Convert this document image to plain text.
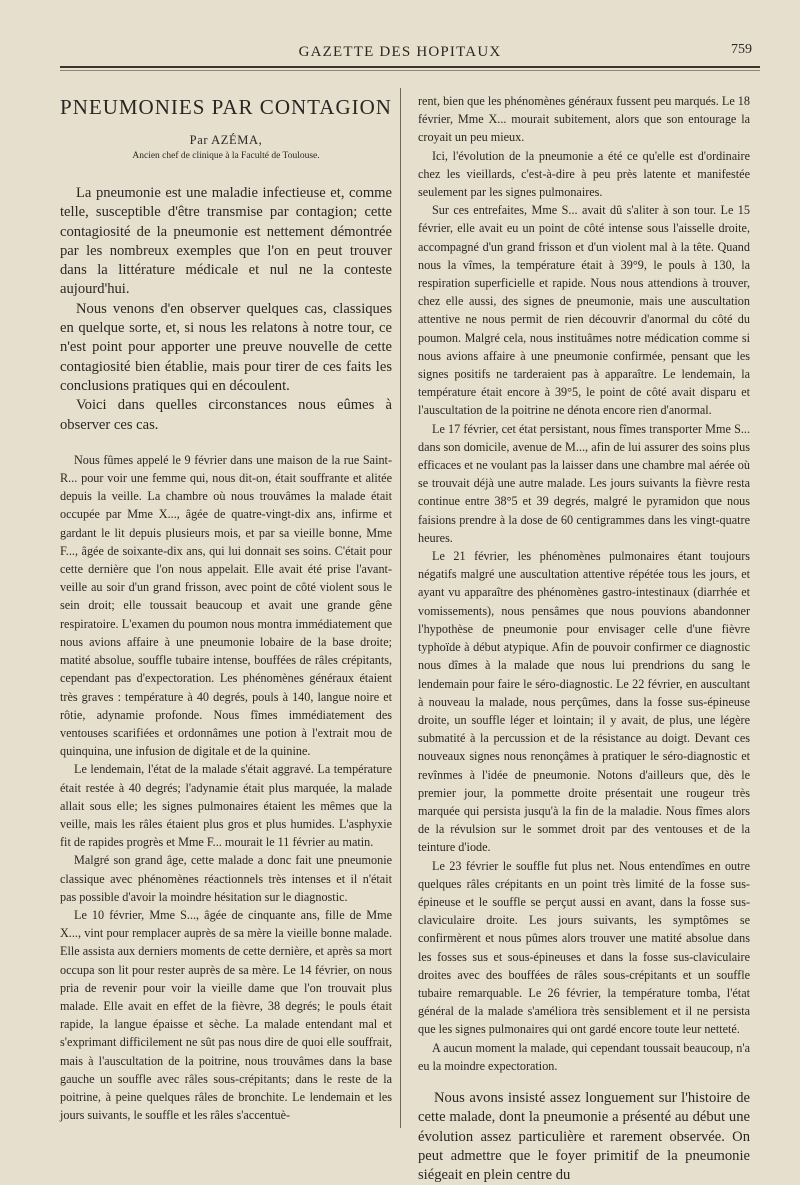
GAZETTE DES HOPITAUX	759
PNEUMONIES PAR CONTAGION
Par AZÉMA,
Ancien chef de clinique à la Faculté de Toulouse.

La pneumonie est une maladie infectieuse et, comme telle, susceptible d'être transmise par contagion; cette contagiosité de la pneumonie est nettement démontrée par les nombreux exemples que l'on en peut trouver dans la littérature médicale et nul ne la conteste aujourd'hui.

Nous venons d'en observer quelques cas, classiques en quelque sorte, et, si nous les relatons à notre tour, ce n'est point pour apporter une preuve nouvelle de cette contagiosité bien établie, mais pour tirer de ces faits les conclusions pratiques qui en découlent.

Voici dans quelles circonstances nous eûmes à observer ces cas.

Nous fûmes appelé le 9 février dans une maison de la rue Saint-R... pour voir une femme qui, nous dit-on, était souffrante et alitée depuis la veille. La chambre où nous trouvâmes la malade était occupée par Mme X..., âgée de quatre-vingt-dix ans, infirme et gardant le lit depuis plusieurs mois, et par sa vieille bonne, Mme F..., âgée de soixante-dix ans, qui lui donnait ses soins. C'était pour cette dernière que l'on nous appelait. Elle avait été prise l'avant-veille au soir d'un grand frisson, avec point de côté violent sous le sein droit; elle toussait beaucoup et avait une grande gêne respiratoire. L'examen du poumon nous montra immédiatement que nous avions affaire à une pneumonie lobaire de la base droite; matité absolue, souffle tubaire intense, bouffées de râles crépitants, cependant pas d'expectoration. Les phénomènes généraux étaient très graves : température à 40 degrés, pouls à 140, langue noire et rôtie, adynamie profonde. Nous fîmes immédiatement des ventouses scarifiées et ordonnâmes une potion à l'extrait mou de quinquina, une infusion de digitale et de la quinine.

Le lendemain, l'état de la malade s'était aggravé. La température était restée à 40 degrés; l'adynamie était plus marquée, la malade allait sous elle; les signes pulmonaires étaient les mêmes que la veille, mais les râles étaient plus gros et plus humides. L'asphyxie fit de rapides progrès et Mme F... mourait le 11 février au matin.

Malgré son grand âge, cette malade a donc fait une pneumonie classique avec phénomènes réactionnels très intenses et il n'était pas possible d'avoir la moindre hésitation sur le diagnostic.

Le 10 février, Mme S..., âgée de cinquante ans, fille de Mme X..., vint pour remplacer auprès de sa mère la vieille bonne malade. Elle assista aux derniers moments de cette dernière, et après sa mort occupa son lit pour rester auprès de sa mère. Le 14 février, on nous pria de revenir pour voir la vieille dame que l'on trouvait plus malade. Elle avait en effet de la fièvre, 38 degrés; le pouls était rapide, la langue épaisse et sèche. La malade entendant mal et s'exprimant difficilement ne sût pas nous dire de quoi elle souffrait, mais à l'auscultation de la poitrine, nous trouvâmes dans la base gauche un souffle avec râles sous-crépitants; dans le reste de la poitrine, à peine quelques râles de bronchite. Le lendemain et les jours suivants, le souffle et les râles s'accentuè-

rent, bien que les phénomènes généraux fussent peu marqués. Le 18 février, Mme X... mourait subitement, alors que son entourage la croyait un peu mieux.

Ici, l'évolution de la pneumonie a été ce qu'elle est d'ordinaire chez les vieillards, c'est-à-dire à peu près latente et manifestée seulement par les signes pulmonaires.

Sur ces entrefaites, Mme S... avait dû s'aliter à son tour. Le 15 février, elle avait eu un point de côté intense sous l'aisselle droite, accompagné d'un grand frisson et d'un violent mal à la tête. Quand nous la vîmes, la température était à 39°9, le pouls à 130, la respiration superficielle et rapide. Nous nous attendions à trouver, chez elle aussi, des signes de pneumonie, mais une auscultation attentive ne nous permit de rien découvrir d'anormal du côté du poumon. Malgré cela, nous instituâmes notre médication comme si nous avions affaire à une pneumonie confirmée, pensant que les signes positifs ne tarderaient pas à apparaître. Le lendemain, la température était encore à 39°5, le point de côté avait disparu et l'auscultation de la poitrine ne dénota encore rien d'anormal.

Le 17 février, cet état persistant, nous fîmes transporter Mme S... dans son domicile, avenue de M..., afin de lui assurer des soins plus efficaces et ne voulant pas la laisser dans une chambre mal aérée où se trouvait déjà une autre malade. Les jours suivants la fièvre resta continue entre 38°5 et 39 degrés, malgré le pyramidon que nous faisions prendre à la dose de 60 centigrammes dans les vingt-quatre heures.

Le 21 février, les phénomènes pulmonaires étant toujours négatifs malgré une auscultation attentive répétée tous les jours, et ayant vu apparaître des phénomènes gastro-intestinaux (diarrhée et vomissements), nous pensâmes que nous pouvions abandonner l'hypothèse de pneumonie pour envisager celle d'une fièvre typhoïde à début atypique. Afin de pouvoir confirmer ce diagnostic nous dîmes à la malade que nous lui prendrions du sang le lendemain pour faire le séro-diagnostic. Le 22 février, en auscultant à nouveau la malade, nous perçûmes, dans la fosse sus-épineuse droite, un souffle léger et lointain; il y avait, de plus, une légère submatité à la percussion et de la résistance au doigt. Devant ces nouveaux signes nous renonçâmes à pratiquer le séro-diagnostic et revînmes à l'idée de pneumonie. Notons d'ailleurs que, dès le premier jour, la pommette droite présentait une rougeur très marquée qui persista jusqu'à la fin de la maladie. Nous fîmes alors de la révulsion sur le sommet droit par des ventouses et de la teinture d'iode.

Le 23 février le souffle fut plus net. Nous entendîmes en outre quelques râles crépitants en un point très limité de la fosse sus-épineuse et le souffle se perçut aussi en avant, dans la fosse sus-claviculaire droite. Les jours suivants, les symptômes se confirmèrent et nous pûmes alors trouver une matité absolue dans les fosses sus et sous-épineuses et dans la fosse sus-claviculaire droites avec des bouffées de râles sous-crépitants et un souffle tubaire remarquable. Le 26 février, la température tomba, l'état général de la malade s'améliora très sensiblement et il ne persista que les signes pulmonaires qui ont gardé encore toute leur netteté.

A aucun moment la malade, qui cependant toussait beaucoup, n'a eu la moindre expectoration.

Nous avons insisté assez longuement sur l'histoire de cette malade, dont la pneumonie a présenté au début une évolution assez particulière et rarement observée. On peut admettre que le foyer primitif de la pneumonie siégeait en plein centre du
